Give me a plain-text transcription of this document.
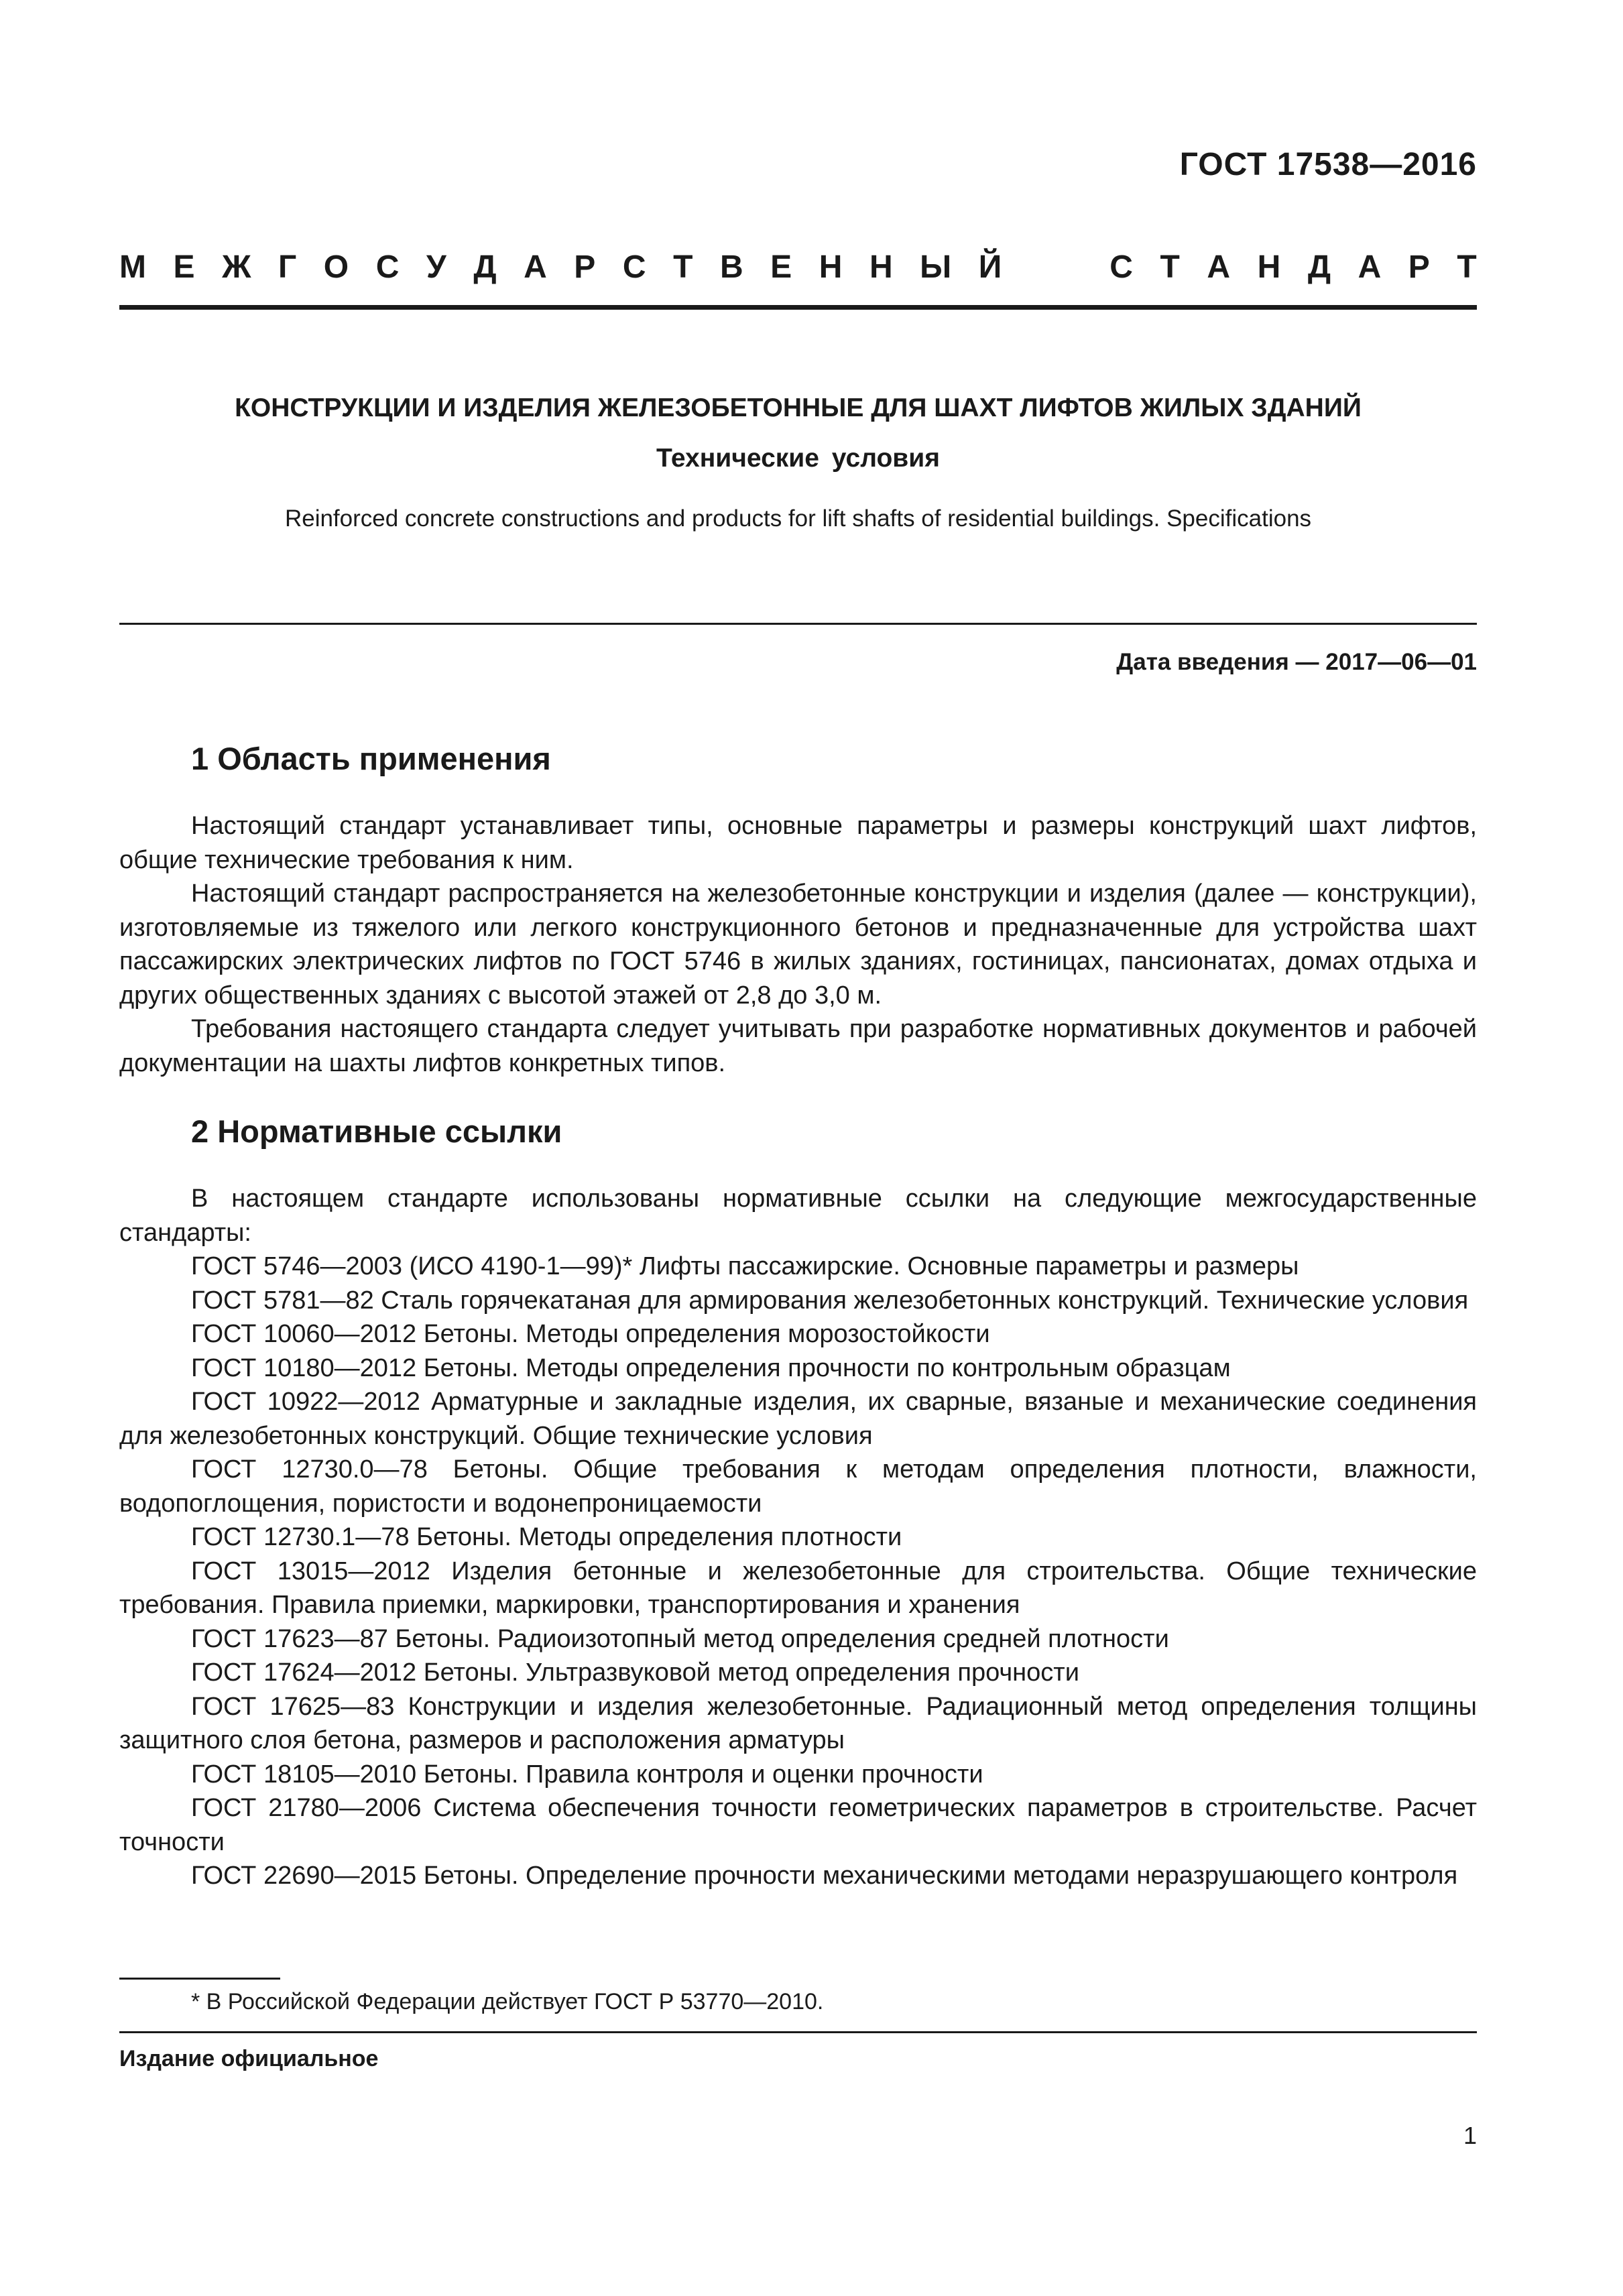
ГОСТ 17538—2016
М Е Ж Г О С У Д А Р С Т В Е Н Н Ы Й	С Т А Н Д А Р Т
КОНСТРУКЦИИ И ИЗДЕЛИЯ ЖЕЛЕЗОБЕТОННЫЕ ДЛЯ ШАХТ ЛИФТОВ ЖИЛЫХ ЗДАНИЙ
Технические условия
Reinforced concrete constructions and products for lift shafts of residential buildings. Specifications
Дата введения — 2017—06—01
1 Область применения

Настоящий стандарт устанавливает типы, основные параметры и размеры конструкций шахт лифтов, общие технические требования к ним.

Настоящий стандарт распространяется на железобетонные конструкции и изделия (далее — конструкции), изготовляемые из тяжелого или легкого конструкционного бетонов и предназначенные для устройства шахт пассажирских электрических лифтов по ГОСТ 5746 в жилых зданиях, гостиницах, пансионатах, домах отдыха и других общественных зданиях с высотой этажей от 2,8 до 3,0 м.

Требования настоящего стандарта следует учитывать при разработке нормативных документов и рабочей документации на шахты лифтов конкретных типов.

2 Нормативные ссылки

В настоящем стандарте использованы нормативные ссылки на следующие межгосударственные стандарты:

ГОСТ 5746—2003 (ИСО 4190-1—99)* Лифты пассажирские. Основные параметры и размеры

ГОСТ 5781—82 Сталь горячекатаная для армирования железобетонных конструкций. Технические условия

ГОСТ 10060—2012 Бетоны. Методы определения морозостойкости

ГОСТ 10180—2012 Бетоны. Методы определения прочности по контрольным образцам

ГОСТ 10922—2012 Арматурные и закладные изделия, их сварные, вязаные и механические соединения для железобетонных конструкций. Общие технические условия

ГОСТ 12730.0—78 Бетоны. Общие требования к методам определения плотности, влажности, водопоглощения, пористости и водонепроницаемости

ГОСТ 12730.1—78 Бетоны. Методы определения плотности

ГОСТ 13015—2012 Изделия бетонные и железобетонные для строительства. Общие технические требования. Правила приемки, маркировки, транспортирования и хранения

ГОСТ 17623—87 Бетоны. Радиоизотопный метод определения средней плотности

ГОСТ 17624—2012 Бетоны. Ультразвуковой метод определения прочности

ГОСТ 17625—83 Конструкции и изделия железобетонные. Радиационный метод определения толщины защитного слоя бетона, размеров и расположения арматуры

ГОСТ 18105—2010 Бетоны. Правила контроля и оценки прочности

ГОСТ 21780—2006 Система обеспечения точности геометрических параметров в строительстве. Расчет точности

ГОСТ 22690—2015 Бетоны. Определение прочности механическими методами неразрушающего контроля

* В Российской Федерации действует ГОСТ Р 53770—2010.
Издание официальное
1
